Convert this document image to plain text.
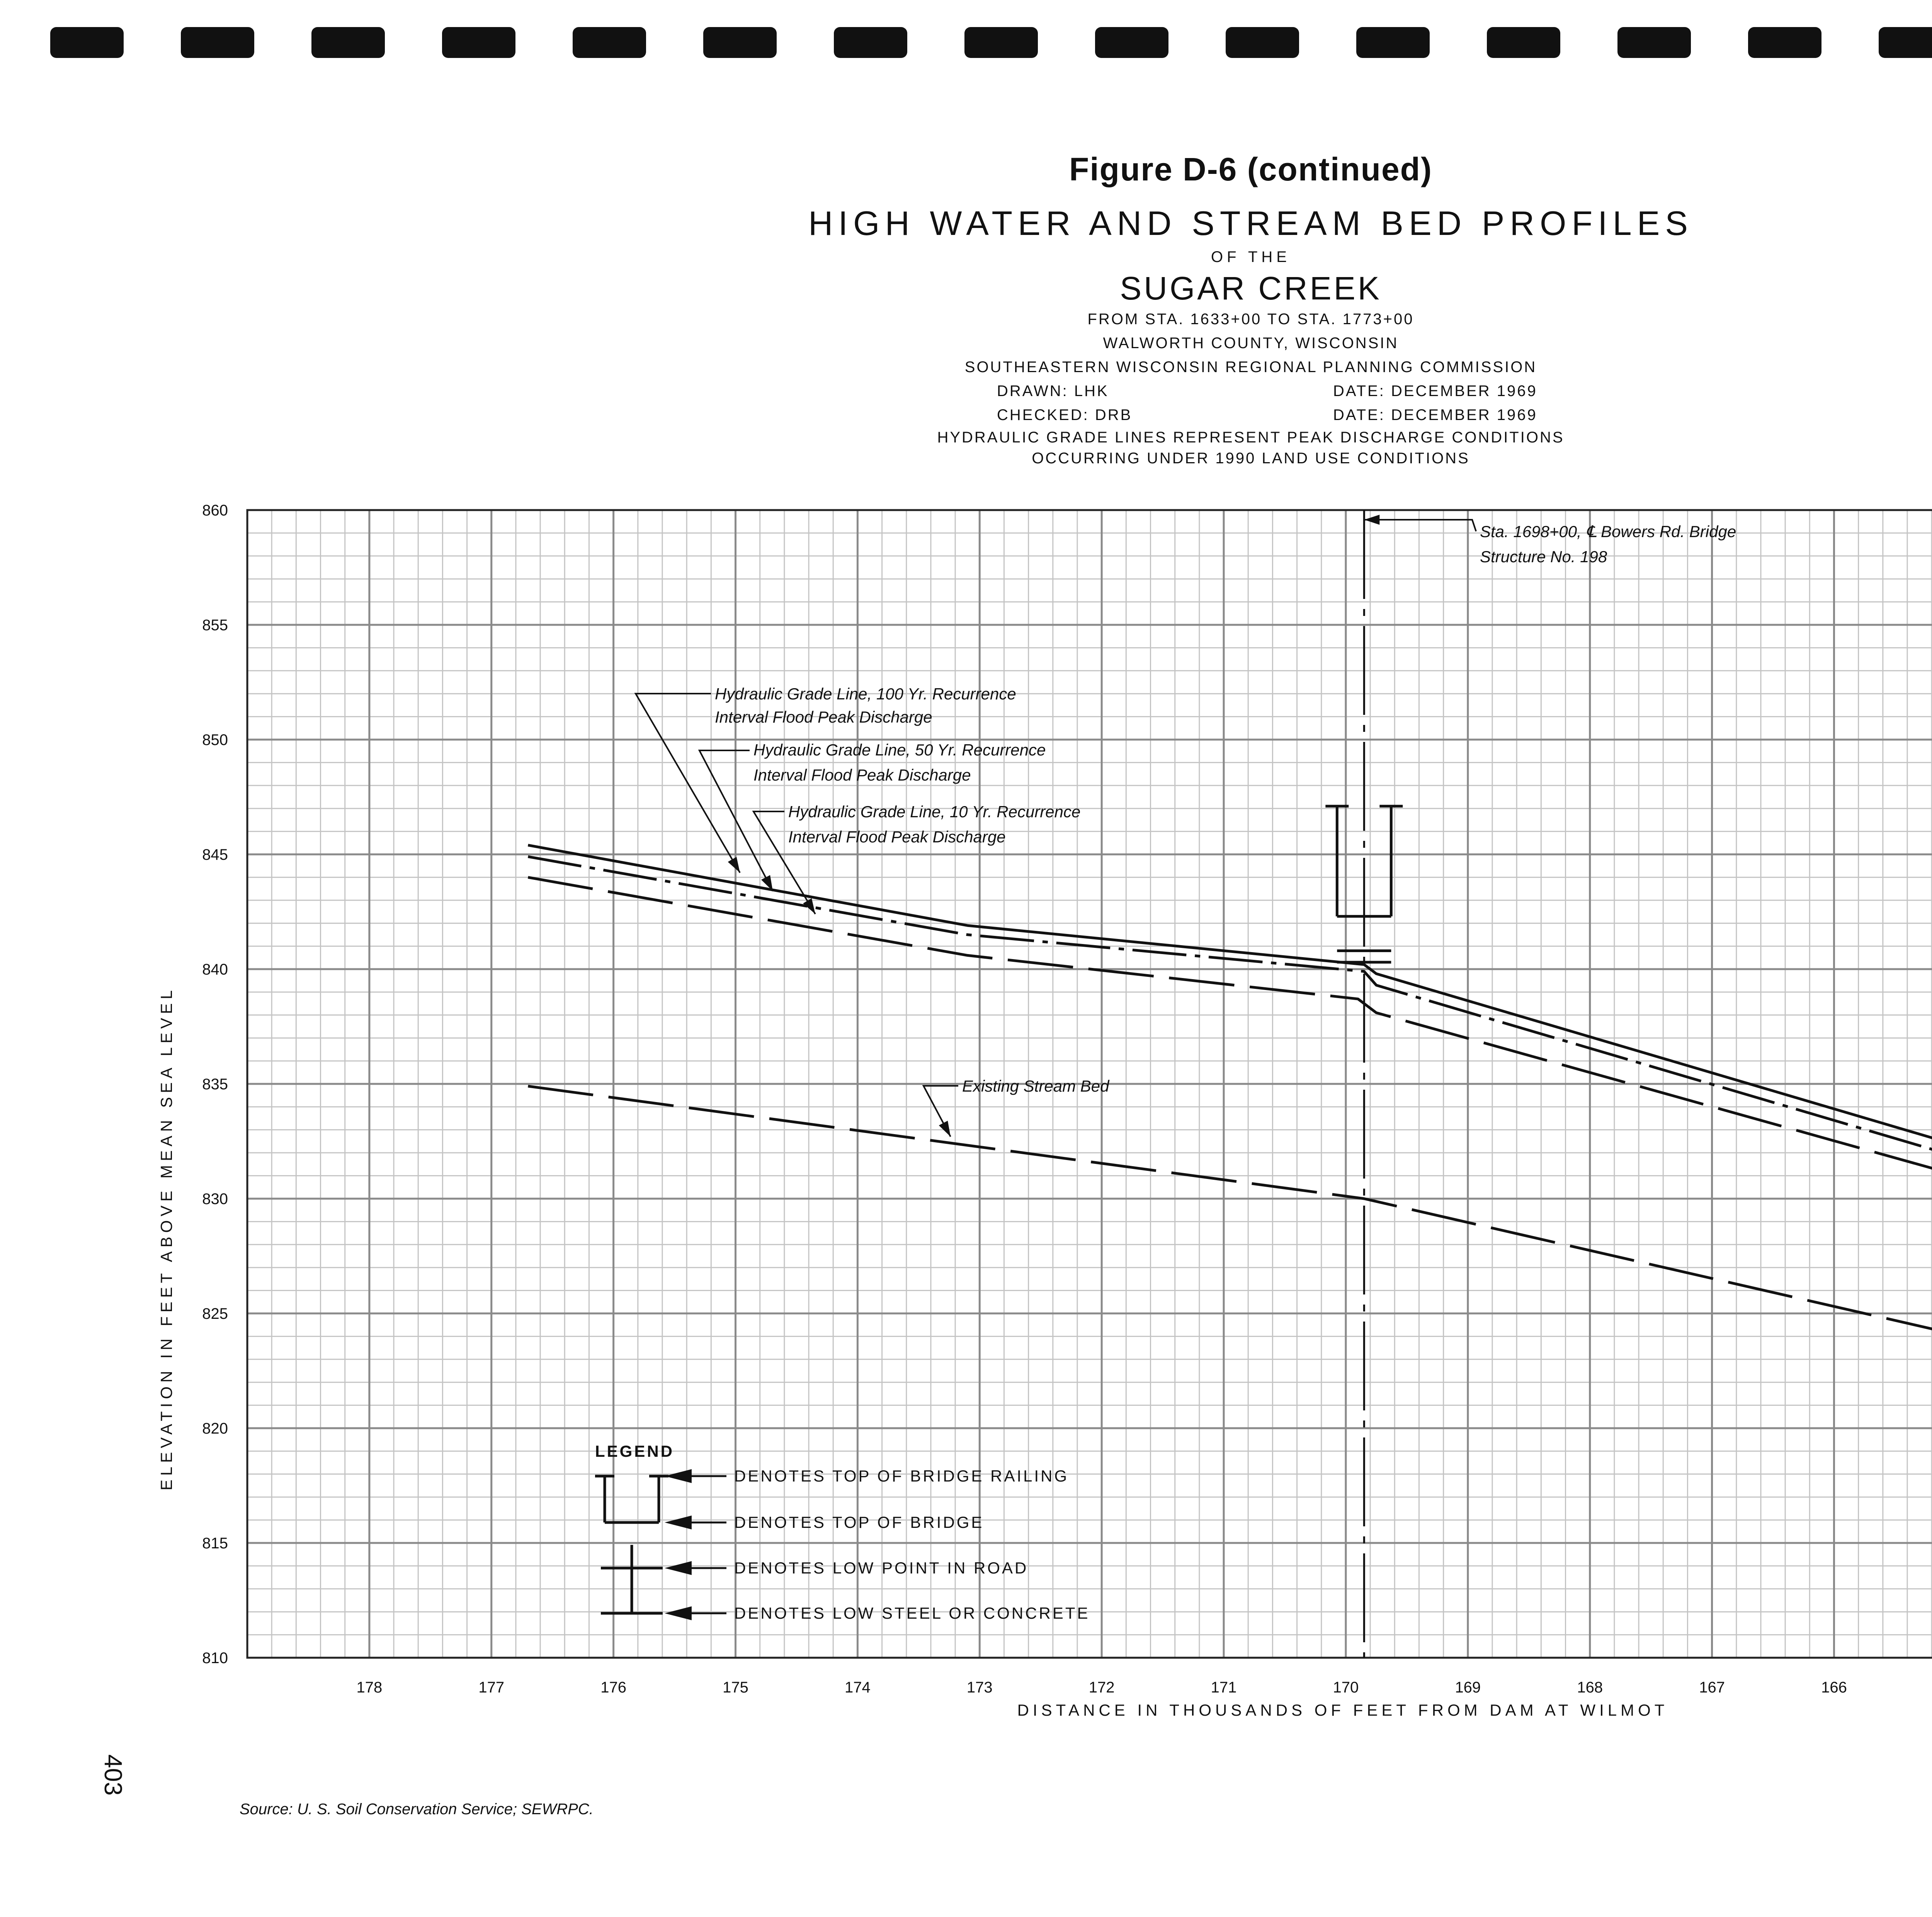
Figure D-6 (continued)
HIGH WATER AND STREAM BED PROFILES
OF THE
SUGAR CREEK
FROM STA. 1633+00 TO STA. 1773+00
WALWORTH COUNTY, WISCONSIN
SOUTHEASTERN WISCONSIN REGIONAL PLANNING COMMISSION
DRAWN: LHK	DATE: DECEMBER 1969
CHECKED: DRB	DATE: DECEMBER 1969
HYDRAULIC GRADE LINES REPRESENT PEAK DISCHARGE CONDITIONS
OCCURRING UNDER 1990 LAND USE CONDITIONS
810
815
820
825
830
835
840
845
850
855
860
178	177	176	175	174	173	172	171	170	169	168	167	166
DISTANCE IN THOUSANDS OF FEET FROM DAM AT WILMOT
ELEVATION IN FEET ABOVE MEAN SEA LEVEL
Sta. 1698+00, ℄ Bowers Rd. Bridge
Structure No. 198
Hydraulic Grade Line, 100 Yr. Recurrence
Interval Flood Peak Discharge
Hydraulic Grade Line, 50 Yr. Recurrence
Interval Flood Peak Discharge
Hydraulic Grade Line, 10 Yr. Recurrence
Interval Flood Peak Discharge
Existing Stream Bed
LEGEND
DENOTES TOP OF BRIDGE RAILING
DENOTES TOP OF BRIDGE
DENOTES LOW POINT IN ROAD
DENOTES LOW STEEL OR CONCRETE
403
Source: U. S. Soil Conservation Service; SEWRPC.
